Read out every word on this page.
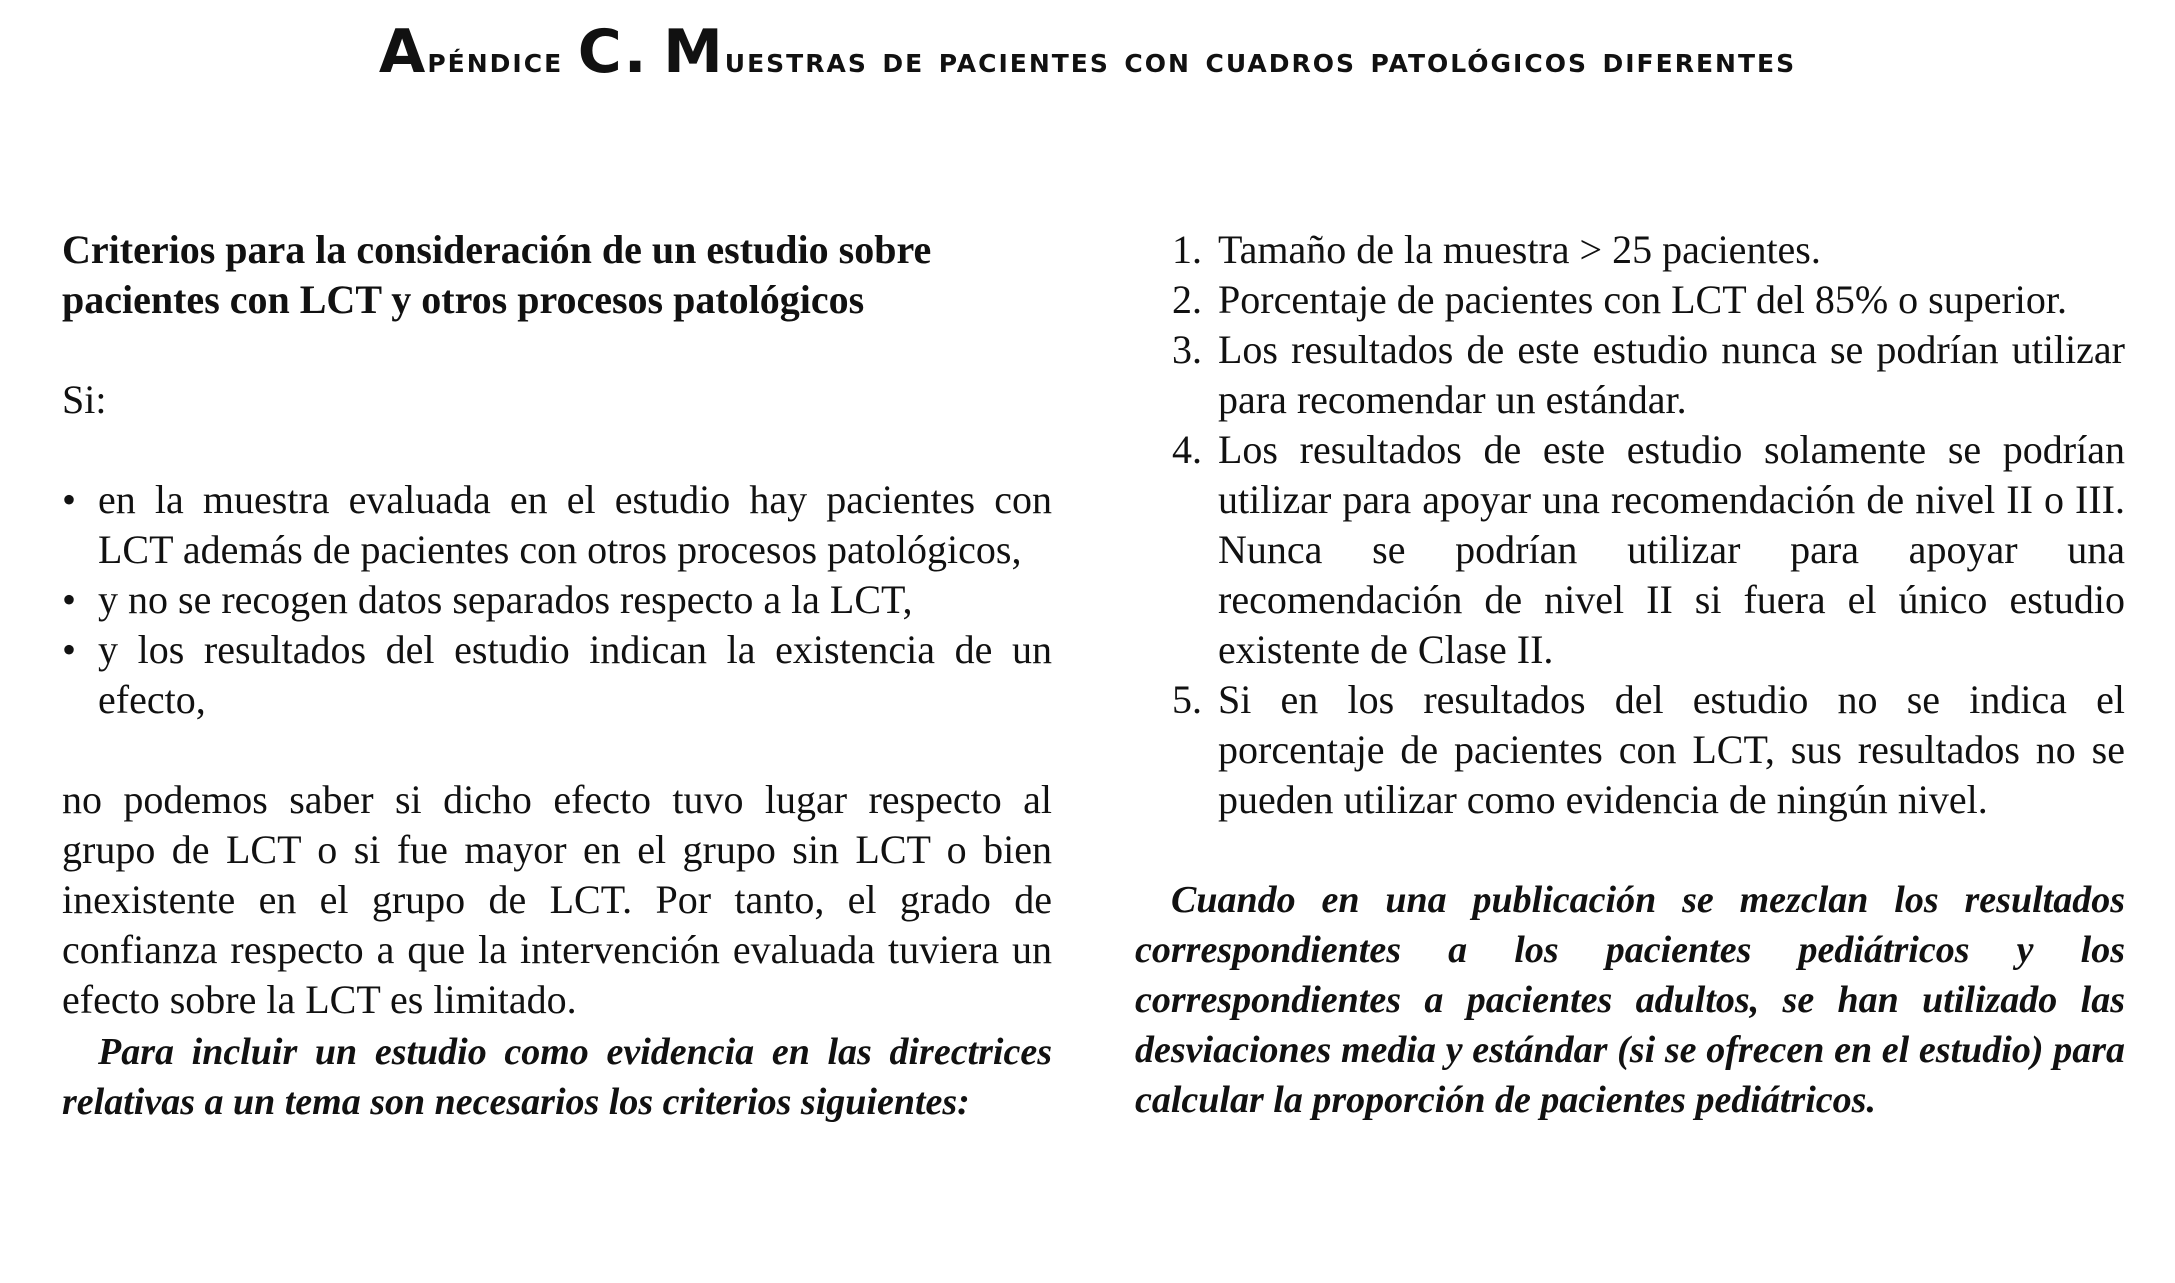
Apéndice C. Muestras de pacientes con cuadros patológicos diferentes

Criterios para la consideración de un estudio sobre pacientes con LCT y otros procesos patológicos

Si:

• en la muestra evaluada en el estudio hay pacientes con LCT además de pacientes con otros procesos patológicos,
• y no se recogen datos separados respecto a la LCT,
• y los resultados del estudio indican la existencia de un efecto,

no podemos saber si dicho efecto tuvo lugar respecto al grupo de LCT o si fue mayor en el grupo sin LCT o bien inexistente en el grupo de LCT. Por tanto, el grado de confianza respecto a que la intervención evaluada tuviera un efecto sobre la LCT es limitado.

Para incluir un estudio como evidencia en las directrices relativas a un tema son necesarios los criterios siguientes:

1. Tamaño de la muestra > 25 pacientes.
2. Porcentaje de pacientes con LCT del 85% o superior.
3. Los resultados de este estudio nunca se podrían utilizar para recomendar un estándar.
4. Los resultados de este estudio solamente se podrían utilizar para apoyar una recomendación de nivel II o III. Nunca se podrían utilizar para apoyar una recomendación de nivel II si fuera el único estudio existente de Clase II.
5. Si en los resultados del estudio no se indica el porcentaje de pacientes con LCT, sus resultados no se pueden utilizar como evidencia de ningún nivel.

Cuando en una publicación se mezclan los resultados correspondientes a los pacientes pediátricos y los correspondientes a pacientes adultos, se han utilizado las desviaciones media y estándar (si se ofrecen en el estudio) para calcular la proporción de pacientes pediátricos.
